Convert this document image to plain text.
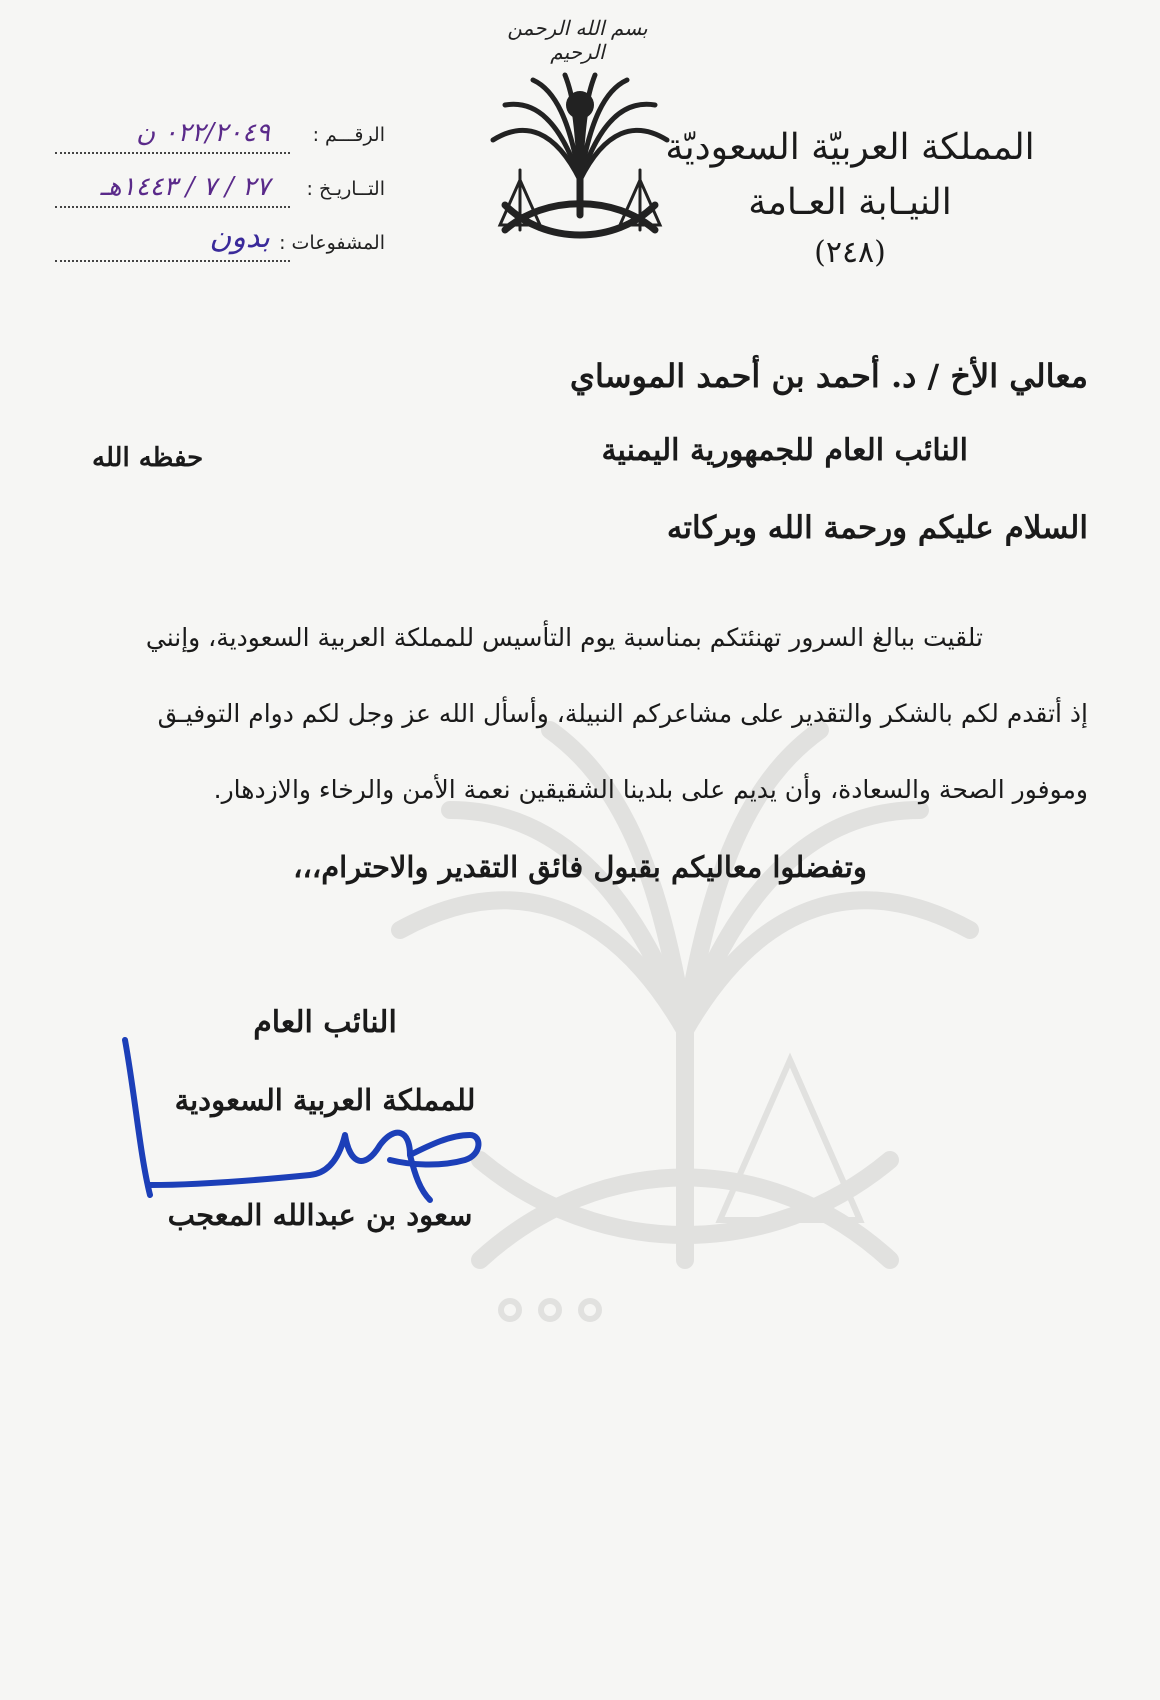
بسم الله الرحمن الرحيم
المملكة العربيّة السعوديّة
النيـابة العـامة
(٢٤٨)
الرقـــم :
٠٢٢/٢٠٤٩ ن
التــاريـخ :
٢٧ / ٧ / ١٤٤٣هـ
المشفوعات :
بدون
معالي الأخ / د. أحمد بن أحمد الموساي
النائب العام للجمهورية اليمنية
حفظه الله
السلام عليكم ورحمة الله وبركاته
تلقيت ببالغ السرور تهنئتكم بمناسبة يوم التأسيس للمملكة العربية السعودية، وإنني
إذ أتقدم لكم بالشكر والتقدير على مشاعركم النبيلة، وأسأل الله عز وجل لكم دوام التوفيـق
وموفور الصحة والسعادة، وأن يديم على بلدينا الشقيقين نعمة الأمن والرخاء والازدهار.
وتفضلوا معاليكم بقبول فائق التقدير والاحترام،،،
النائب العام
للمملكة العربية السعودية
سعود بن عبدالله المعجب
